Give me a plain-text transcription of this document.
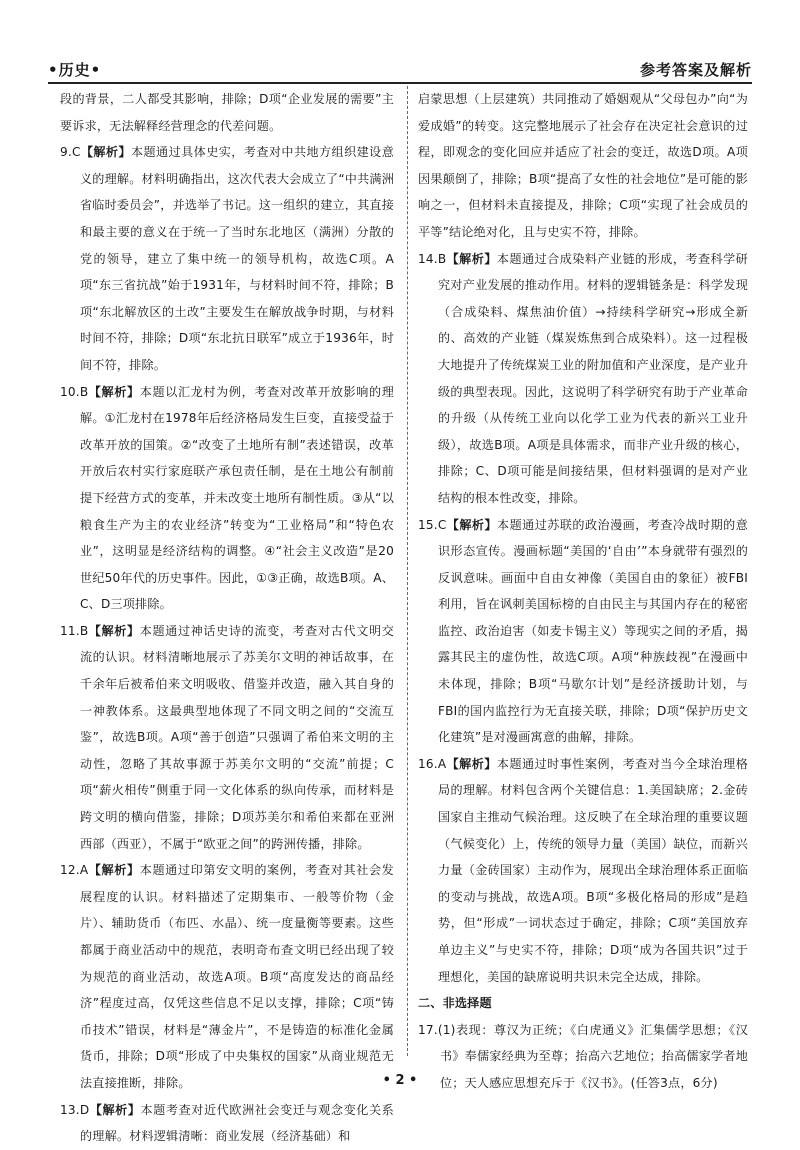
•历史•	参考答案及解析

段的背景，二人都受其影响，排除；D项“企业发展的需要”主要诉求，无法解释经营理念的代差问题。

9.C【解析】本题通过具体史实，考查对中共地方组织建设意义的理解。材料明确指出，这次代表大会成立了“中共满洲省临时委员会”，并选举了书记。这一组织的建立，其直接和最主要的意义在于统一了当时东北地区（满洲）分散的党的领导，建立了集中统一的领导机构，故选C项。A项“东三省抗战”始于1931年，与材料时间不符，排除；B项“东北解放区的土改”主要发生在解放战争时期，与材料时间不符，排除；D项“东北抗日联军”成立于1936年，时间不符，排除。

10.B【解析】本题以汇龙村为例，考查对改革开放影响的理解。①汇龙村在1978年后经济格局发生巨变，直接受益于改革开放的国策。②“改变了土地所有制”表述错误，改革开放后农村实行家庭联产承包责任制，是在土地公有制前提下经营方式的变革，并未改变土地所有制性质。③从“以粮食生产为主的农业经济”转变为“工业格局”和“特色农业”，这明显是经济结构的调整。④“社会主义改造”是20世纪50年代的历史事件。因此，①③正确，故选B项。A、C、D三项排除。

11.B【解析】本题通过神话史诗的流变，考查对古代文明交流的认识。材料清晰地展示了苏美尔文明的神话故事，在千余年后被希伯来文明吸收、借鉴并改造，融入其自身的一神教体系。这最典型地体现了不同文明之间的“交流互鉴”，故选B项。A项“善于创造”只强调了希伯来文明的主动性，忽略了其故事源于苏美尔文明的“交流”前提；C项“薪火相传”侧重于同一文化体系的纵向传承，而材料是跨文明的横向借鉴，排除；D项苏美尔和希伯来都在亚洲西部（西亚），不属于“欧亚之间”的跨洲传播，排除。

12.A【解析】本题通过印第安文明的案例，考查对其社会发展程度的认识。材料描述了定期集市、一般等价物（金片）、辅助货币（布匹、水晶）、统一度量衡等要素。这些都属于商业活动中的规范，表明奇布查文明已经出现了较为规范的商业活动，故选A项。B项“高度发达的商品经济”程度过高，仅凭这些信息不足以支撑，排除；C项“铸币技术”错误，材料是“薄金片”，不是铸造的标准化金属货币，排除；D项“形成了中央集权的国家”从商业规范无法直接推断，排除。

13.D【解析】本题考查对近代欧洲社会变迁与观念变化关系的理解。材料逻辑清晰：商业发展（经济基础）和

启蒙思想（上层建筑）共同推动了婚姻观从“父母包办”向“为爱成婚”的转变。这完整地展示了社会存在决定社会意识的过程，即观念的变化回应并适应了社会的变迁，故选D项。A项因果颠倒了，排除；B项“提高了女性的社会地位”是可能的影响之一，但材料未直接提及，排除；C项“实现了社会成员的平等”结论绝对化，且与史实不符，排除。

14.B【解析】本题通过合成染料产业链的形成，考查科学研究对产业发展的推动作用。材料的逻辑链条是：科学发现（合成染料、煤焦油价值）→持续科学研究→形成全新的、高效的产业链（煤炭炼焦到合成染料）。这一过程极大地提升了传统煤炭工业的附加值和产业深度，是产业升级的典型表现。因此，这说明了科学研究有助于产业革命的升级（从传统工业向以化学工业为代表的新兴工业升级），故选B项。A项是具体需求，而非产业升级的核心，排除；C、D项可能是间接结果，但材料强调的是对产业结构的根本性改变，排除。

15.C【解析】本题通过苏联的政治漫画，考查冷战时期的意识形态宣传。漫画标题“美国的‘自由’”本身就带有强烈的反讽意味。画面中自由女神像（美国自由的象征）被FBI利用，旨在讽刺美国标榜的自由民主与其国内存在的秘密监控、政治迫害（如麦卡锡主义）等现实之间的矛盾，揭露其民主的虚伪性，故选C项。A项“种族歧视”在漫画中未体现，排除；B项“马歇尔计划”是经济援助计划，与FBI的国内监控行为无直接关联，排除；D项“保护历史文化建筑”是对漫画寓意的曲解，排除。

16.A【解析】本题通过时事性案例，考查对当今全球治理格局的理解。材料包含两个关键信息：1.美国缺席；2.金砖国家自主推动气候治理。这反映了在全球治理的重要议题（气候变化）上，传统的领导力量（美国）缺位，而新兴力量（金砖国家）主动作为，展现出全球治理体系正面临的变动与挑战，故选A项。B项“多极化格局的形成”是趋势，但“形成”一词状态过于确定，排除；C项“美国放弃单边主义”与史实不符，排除；D项“成为各国共识”过于理想化，美国的缺席说明共识未完全达成，排除。

二、非选择题

17.(1)表现：尊汉为正统；《白虎通义》汇集儒学思想；《汉书》奉儒家经典为至尊；抬高六艺地位；抬高儒家学者地位；天人感应思想充斥于《汉书》。(任答3点，6分)

• 2 •
